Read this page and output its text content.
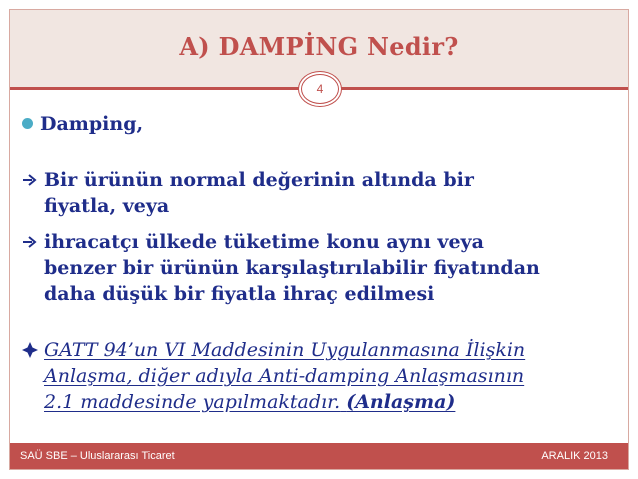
A) DAMPİNG Nedir?
4
Damping,
Bir ürünün normal değerinin altında bir
fiyatla, veya
ihracatçı ülkede tüketime konu aynı veya
benzer bir ürünün karşılaştırılabilir fiyatından
daha düşük bir fiyatla ihraç edilmesi
GATT 94’un VI Maddesinin Uygulanmasına İlişkin
Anlaşma, diğer adıyla Anti-damping Anlaşmasının
2.1 maddesinde yapılmaktadır. (Anlaşma)
SAÜ SBE – Uluslararası Ticaret	ARALIK 2013
